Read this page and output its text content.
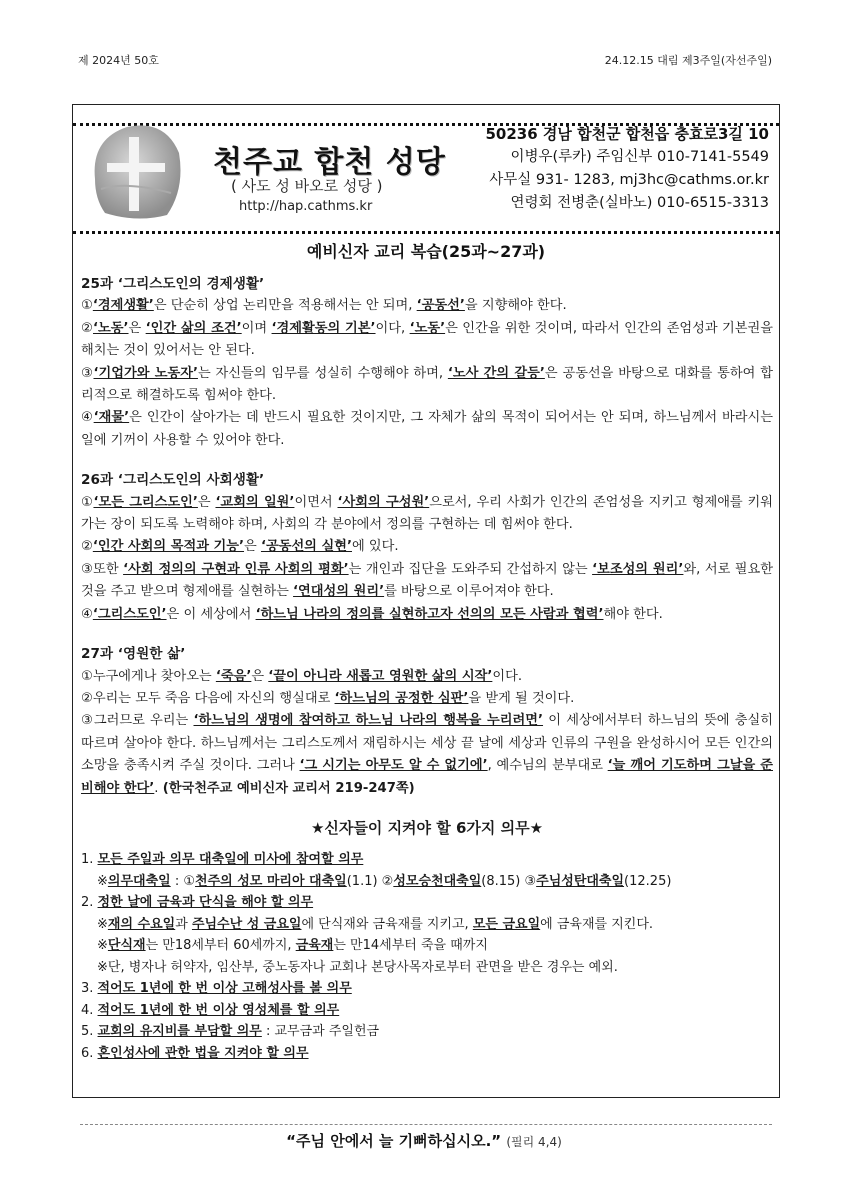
제 2024년 50호	24.12.15 대림 제3주일(자선주일)
천주교 합천 성당
( 사도 성 바오로 성당 )
http://hap.cathms.kr
50236 경남 합천군 합천읍 충효로3길 10
이병우(루카) 주임신부 010-7141-5549
사무실 931- 1283, mj3hc@cathms.or.kr
연령회 전병춘(실바노) 010-6515-3313
예비신자 교리 복습(25과~27과)
25과 ‘그리스도인의 경제생활’

①‘경제생활’은 단순히 상업 논리만을 적용해서는 안 되며, ‘공동선’을 지향해야 한다.

②‘노동’은 ‘인간 삶의 조건’이며 ‘경제활동의 기본’이다, ‘노동’은 인간을 위한 것이며, 따라서 인간의 존엄성과 기본권을 해치는 것이 있어서는 안 된다.

③‘기업가와 노동자’는 자신들의 임무를 성실히 수행해야 하며, ‘노사 간의 갈등’은 공동선을 바탕으로 대화를 통하여 합리적으로 해결하도록 힘써야 한다.

④‘재물’은 인간이 살아가는 데 반드시 필요한 것이지만, 그 자체가 삶의 목적이 되어서는 안 되며, 하느님께서 바라시는 일에 기꺼이 사용할 수 있어야 한다.

26과 ‘그리스도인의 사회생활’

①‘모든 그리스도인’은 ‘교회의 일원’이면서 ‘사회의 구성원’으로서, 우리 사회가 인간의 존엄성을 지키고 형제애를 키워가는 장이 되도록 노력해야 하며, 사회의 각 분야에서 정의를 구현하는 데 힘써야 한다.

②‘인간 사회의 목적과 기능’은 ‘공동선의 실현’에 있다.

③또한 ‘사회 정의의 구현과 인류 사회의 평화’는 개인과 집단을 도와주되 간섭하지 않는 ‘보조성의 원리’와, 서로 필요한 것을 주고 받으며 형제애를 실현하는 ‘연대성의 원리’를 바탕으로 이루어져야 한다.

④‘그리스도인’은 이 세상에서 ‘하느님 나라의 정의를 실현하고자 선의의 모든 사람과 협력’해야 한다.

27과 ‘영원한 삶’

①누구에게나 찾아오는 ‘죽음’은 ‘끝이 아니라 새롭고 영원한 삶의 시작’이다.

②우리는 모두 죽음 다음에 자신의 행실대로 ‘하느님의 공정한 심판’을 받게 될 것이다.

③그러므로 우리는 ‘하느님의 생명에 참여하고 하느님 나라의 행복을 누리려면’ 이 세상에서부터 하느님의 뜻에 충실히 따르며 살아야 한다. 하느님께서는 그리스도께서 재림하시는 세상 끝 날에 세상과 인류의 구원을 완성하시어 모든 인간의 소망을 충족시켜 주실 것이다. 그러나 ‘그 시기는 아무도 알 수 없기에’, 예수님의 분부대로 ‘늘 깨어 기도하며 그날을 준비해야 한다’. (한국천주교 예비신자 교리서 219-247쪽)

★신자들이 지켜야 할 6가지 의무★
1. 모든 주일과 의무 대축일에 미사에 참여할 의무
※의무대축일 : ①천주의 성모 마리아 대축일(1.1) ②성모승천대축일(8.15) ③주님성탄대축일(12.25)
2. 정한 날에 금육과 단식을 해야 할 의무
※재의 수요일과 주님수난 성 금요일에 단식재와 금육재를 지키고, 모든 금요일에 금육재를 지킨다.
※단식재는 만18세부터 60세까지, 금육재는 만14세부터 죽을 때까지
※단, 병자나 허약자, 임산부, 중노동자나 교회나 본당사목자로부터 관면을 받은 경우는 예외.
3. 적어도 1년에 한 번 이상 고해성사를 볼 의무
4. 적어도 1년에 한 번 이상 영성체를 할 의무
5. 교회의 유지비를 부담할 의무 : 교무금과 주일헌금
6. 혼인성사에 관한 법을 지켜야 할 의무
“주님 안에서 늘 기뻐하십시오.” (필리 4,4)
